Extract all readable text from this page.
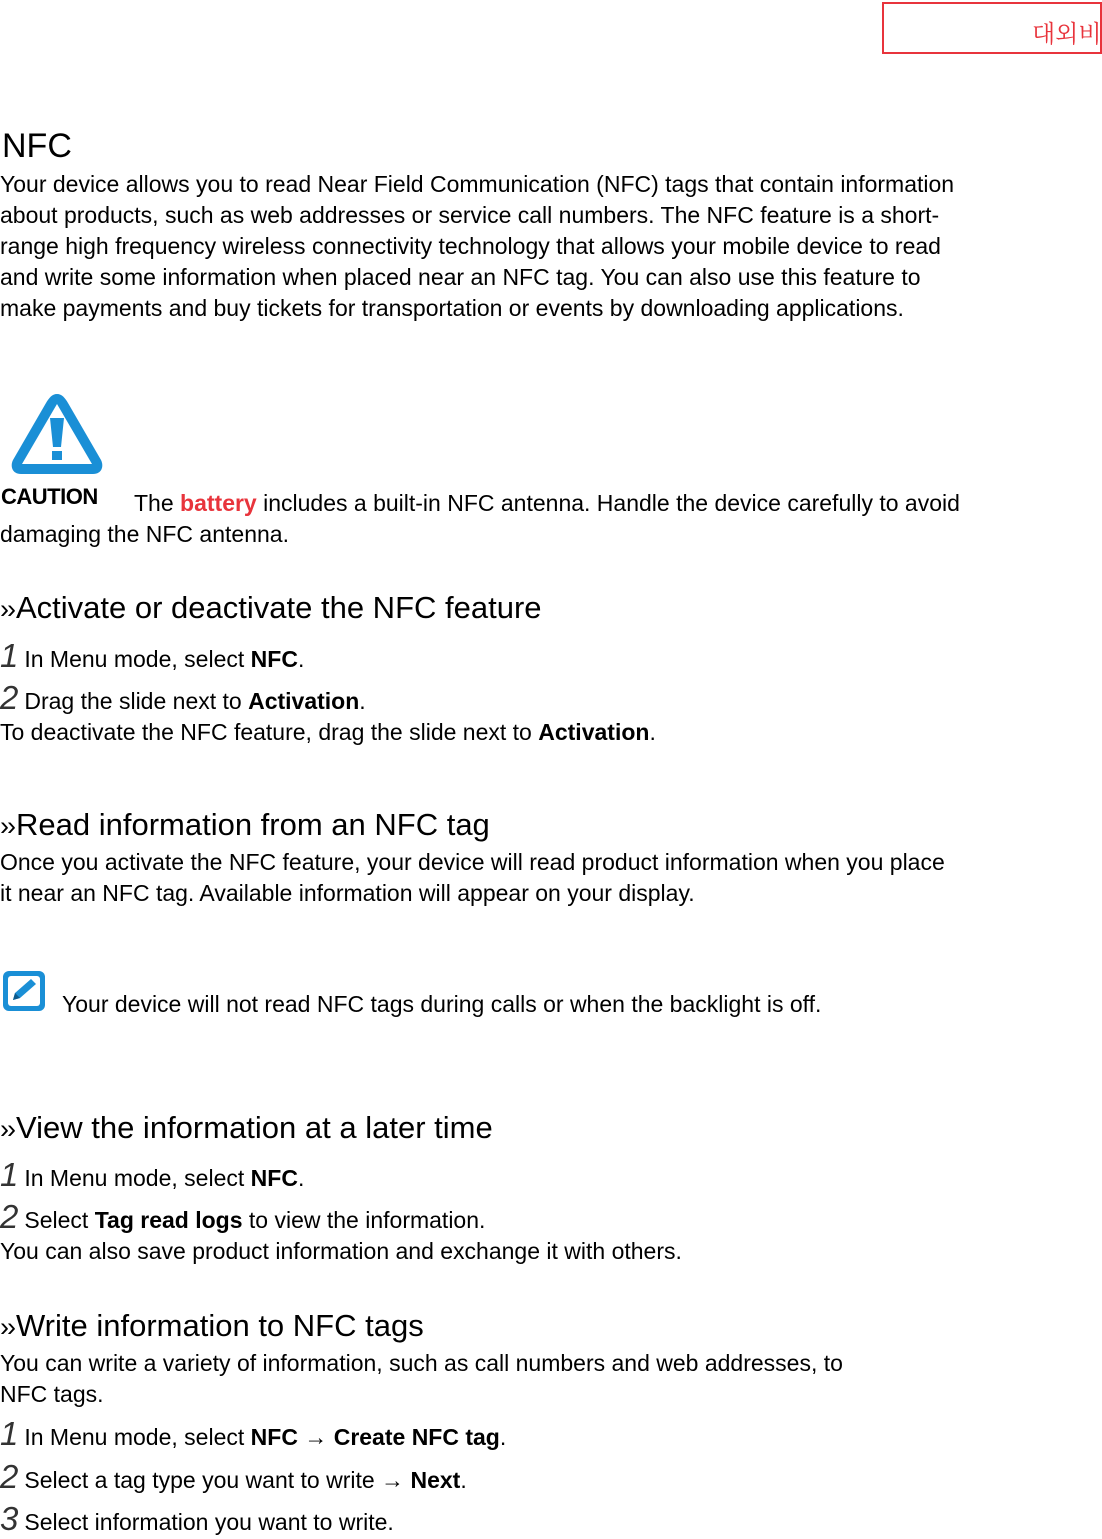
대외비
NFC
Your device allows you to read Near Field Communication (NFC) tags that contain information about products, such as web addresses or service call numbers. The NFC feature is a short-range high frequency wireless connectivity technology that allows your mobile device to read and write some information when placed near an NFC tag. You can also use this feature to make payments and buy tickets for transportation or events by downloading applications.
CAUTION	The battery includes a built-in NFC antenna. Handle the device carefully to avoid damaging the NFC antenna.
››Activate or deactivate the NFC feature
1 In Menu mode, select NFC.
2 Drag the slide next to Activation.
To deactivate the NFC feature, drag the slide next to Activation.
››Read information from an NFC tag
Once you activate the NFC feature, your device will read product information when you place it near an NFC tag. Available information will appear on your display.
Your device will not read NFC tags during calls or when the backlight is off.
››View the information at a later time
1 In Menu mode, select NFC.
2 Select Tag read logs to view the information.
You can also save product information and exchange it with others.
››Write information to NFC tags
You can write a variety of information, such as call numbers and web addresses, to NFC tags.
1 In Menu mode, select NFC → Create NFC tag.
2 Select a tag type you want to write → Next.
3 Select information you want to write.
